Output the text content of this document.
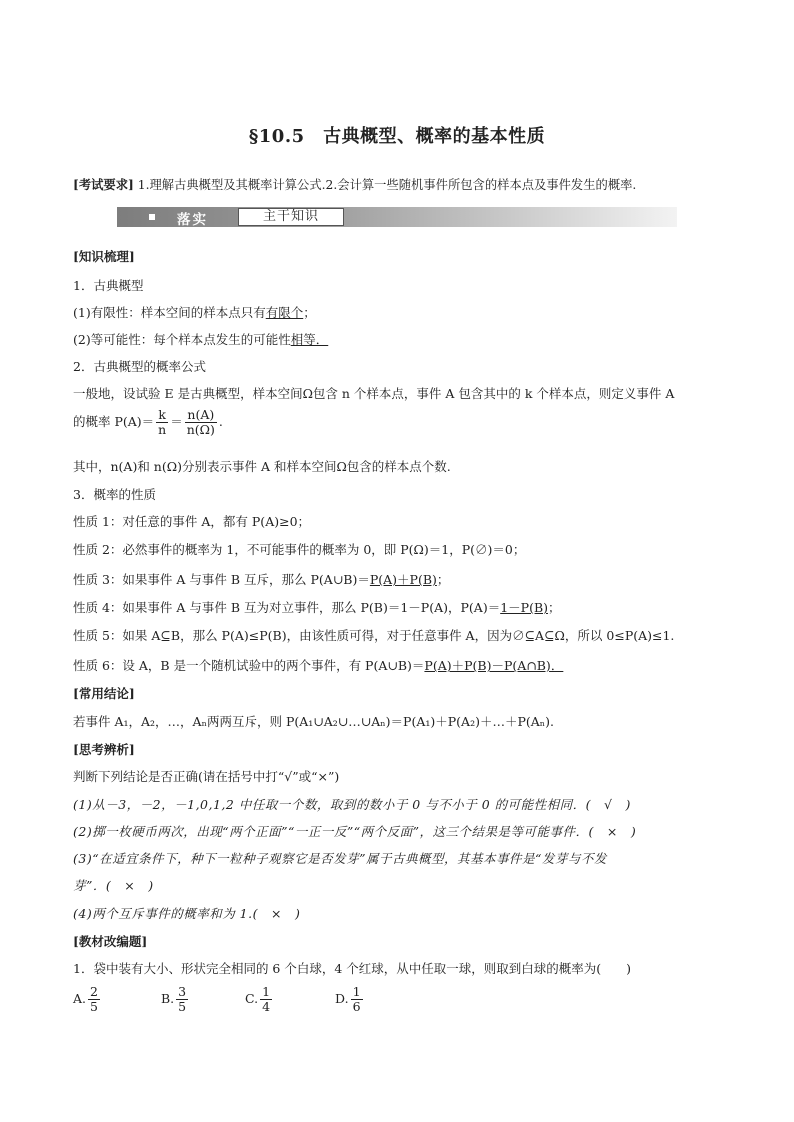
§10.5　古典概型、概率的基本性质
[考试要求] 1.理解古典概型及其概率计算公式.2.会计算一些随机事件所包含的样本点及事件发生的概率.
落实	主干知识
[知识梳理]
1．古典概型
(1)有限性：样本空间的样本点只有有限个；
(2)等可能性：每个样本点发生的可能性相等．
2．古典概型的概率公式
一般地，设试验 E 是古典概型，样本空间Ω包含 n 个样本点，事件 A 包含其中的 k 个样本点，则定义事件 A
的概率 $P(A)= \frac{k}{n} = \frac{n(A)}{n(\Omega)}$ .
其中，n(A)和 n(Ω)分别表示事件 A 和样本空间Ω包含的样本点个数.
3．概率的性质
性质 1：对任意的事件 A，都有 P(A)≥0；
性质 2：必然事件的概率为 1，不可能事件的概率为 0，即 P(Ω)＝1，P(∅)＝0；
性质 3：如果事件 A 与事件 B 互斥，那么 P(A∪B)＝P(A)＋P(B)；
性质 4：如果事件 A 与事件 B 互为对立事件，那么 P(B)＝1－P(A)，P(A)＝1－P(B)；
性质 5：如果 A⊆B，那么 P(A)≤P(B)，由该性质可得，对于任意事件 A，因为∅⊆A⊆Ω，所以 0≤P(A)≤1.
性质 6：设 A，B 是一个随机试验中的两个事件，有 P(A∪B)＝P(A)＋P(B)－P(A∩B)．
[常用结论]
若事件 A₁，A₂，…，Aₙ两两互斥，则 P(A₁∪A₂∪…∪Aₙ)＝P(A₁)＋P(A₂)＋…＋P(Aₙ).
[思考辨析]
判断下列结论是否正确(请在括号中打“√”或“×”)
(1)从－3，－2，－1,0,1,2 中任取一个数，取到的数小于 0 与不小于 0 的可能性相同．(　√　)
(2)掷一枚硬币两次，出现“两个正面”“一正一反”“两个反面”，这三个结果是等可能事件．(　×　)
(3)“在适宜条件下，种下一粒种子观察它是否发芽”属于古典概型，其基本事件是“发芽与不发
芽”．(　×　)
(4)两个互斥事件的概率和为 1.(　×　)
[教材改编题]
1．袋中装有大小、形状完全相同的 6 个白球，4 个红球，从中任取一球，则取到白球的概率为(　　)
A. $\frac{2}{5}$	B. $\frac{3}{5}$	C. $\frac{1}{4}$	D. $\frac{1}{6}$
